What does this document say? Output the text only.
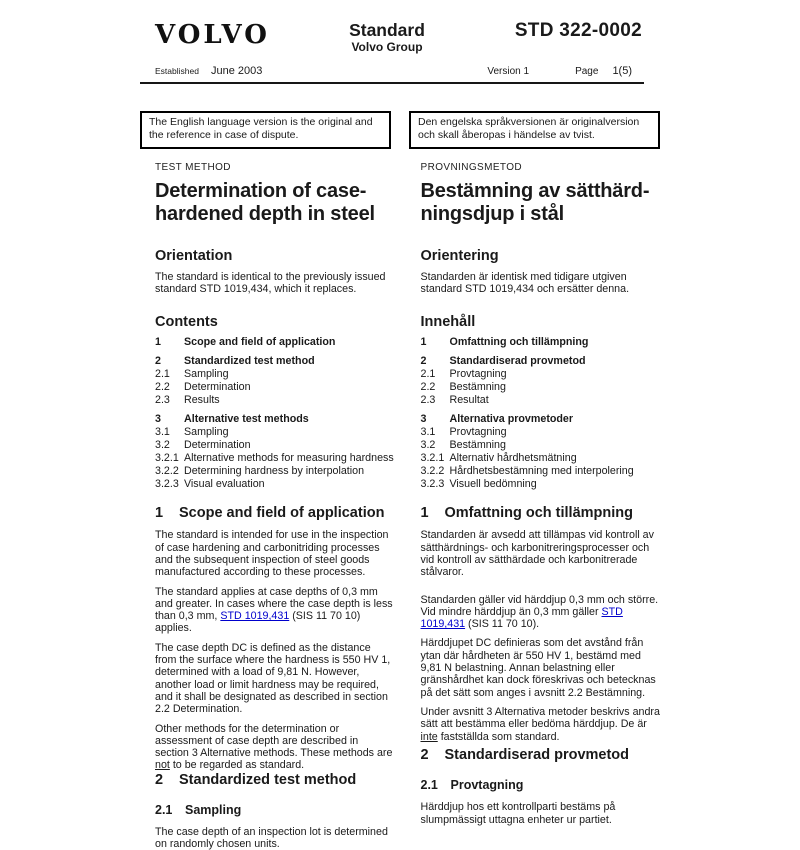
VOLVO	Standard
Volvo Group
STD 322-0002
Established June 2003	Version 1	Page 1(5)
The English language version is the original and the reference in case of dispute.
Den engelska språkversionen är originalversion och skall åberopas i händelse av tvist.
TEST METHOD
Determination of case-
hardened depth in steel
Orientation

The standard is identical to the previously issued standard STD 1019,434, which it replaces.

Contents
1	Scope and field of application
2	Standardized test method
2.1	Sampling
2.2	Determination
2.3	Results
3	Alternative test methods
3.1	Sampling
3.2	Determination
3.2.1 Alternative methods for measuring hardness
3.2.2 Determining hardness by interpolation
3.2.3 Visual evaluation
1 Scope and field of application

The standard is intended for use in the inspection of case hardening and carbonitriding processes and the subsequent inspection of steel goods manufactured according to these processes.

The standard applies at case depths of 0,3 mm and greater. In cases where the case depth is less than 0,3 mm, STD 1019,431 (SIS 11 70 10) applies.

The case depth DC is defined as the distance from the surface where the hardness is 550 HV 1, determined with a load of 9,81 N. However, another load or limit hardness may be required, and it shall be designated as described in section 2.2 Determination.

Other methods for the determination or assessment of case depth are described in section 3 Alternative methods. These methods are not to be regarded as standard.

2 Standardized test method
2.1 Sampling

The case depth of an inspection lot is determined on randomly chosen units.

PROVNINGSMETOD
Bestämning av sätthärd-
ningsdjup i stål
Orientering

Standarden är identisk med tidigare utgiven standard STD 1019,434 och ersätter denna.

Innehåll
1	Omfattning och tillämpning
2	Standardiserad provmetod
2.1	Provtagning
2.2	Bestämning
2.3	Resultat
3	Alternativa provmetoder
3.1	Provtagning
3.2	Bestämning
3.2.1 Alternativ hårdhetsmätning
3.2.2 Hårdhetsbestämning med interpolering
3.2.3 Visuell bedömning
1 Omfattning och tillämpning

Standarden är avsedd att tillämpas vid kontroll av sätthärdnings- och karbonitreringsprocesser och vid kontroll av sätthärdade och karbonitrerade stålvaror.

Standarden gäller vid härddjup 0,3 mm och större. Vid mindre härddjup än 0,3 mm gäller STD 1019,431 (SIS 11 70 10).

Härddjupet DC definieras som det avstånd från ytan där hårdheten är 550 HV 1, bestämd med 9,81 N belastning. Annan belastning eller gränshårdhet kan dock föreskrivas och betecknas på det sätt som anges i avsnitt 2.2 Bestämning.

Under avsnitt 3 Alternativa metoder beskrivs andra sätt att bestämma eller bedöma härddjup. De är inte fastställda som standard.

2 Standardiserad provmetod
2.1 Provtagning

Härddjup hos ett kontrollparti bestäms på slumpmässigt uttagna enheter ur partiet.
